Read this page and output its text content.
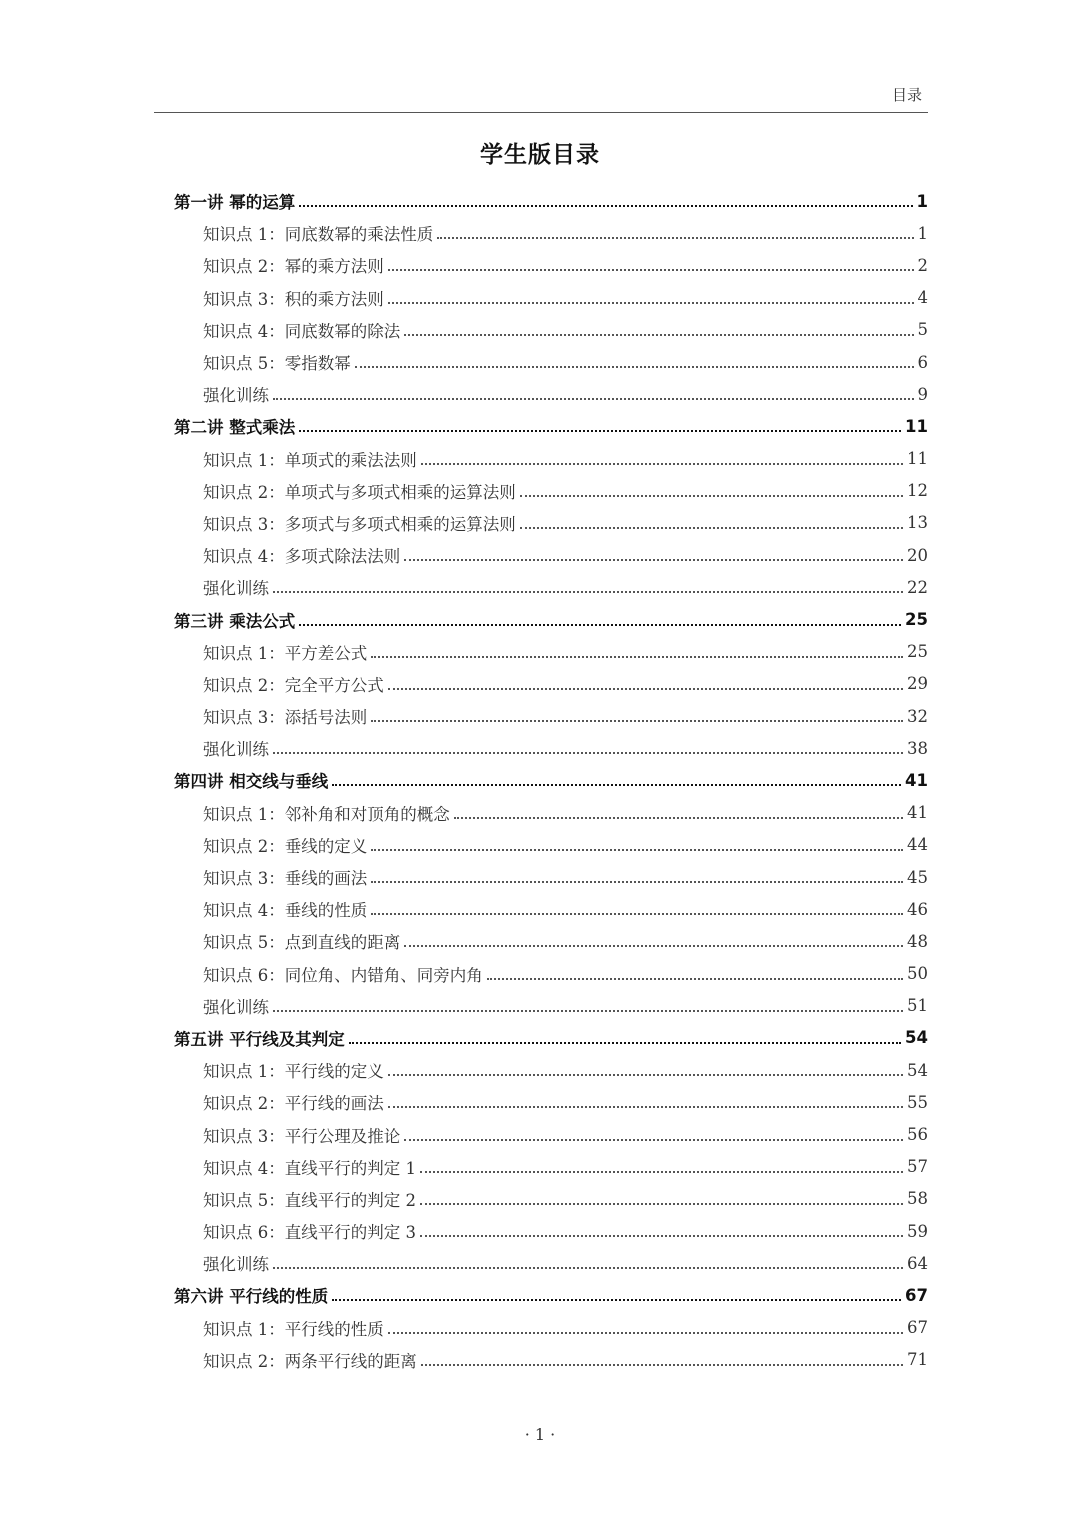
目录
学生版目录
第一讲 幂的运算	1
知识点 1：同底数幂的乘法性质	1
知识点 2：幂的乘方法则	2
知识点 3：积的乘方法则	4
知识点 4：同底数幂的除法	5
知识点 5：零指数幂	6
强化训练	9
第二讲 整式乘法	11
知识点 1：单项式的乘法法则	11
知识点 2：单项式与多项式相乘的运算法则	12
知识点 3：多项式与多项式相乘的运算法则	13
知识点 4：多项式除法法则	20
强化训练	22
第三讲 乘法公式	25
知识点 1：平方差公式	25
知识点 2：完全平方公式	29
知识点 3：添括号法则	32
强化训练	38
第四讲 相交线与垂线	41
知识点 1：邻补角和对顶角的概念	41
知识点 2：垂线的定义	44
知识点 3：垂线的画法	45
知识点 4：垂线的性质	46
知识点 5：点到直线的距离	48
知识点 6：同位角、内错角、同旁内角	50
强化训练	51
第五讲 平行线及其判定	54
知识点 1：平行线的定义	54
知识点 2：平行线的画法	55
知识点 3：平行公理及推论	56
知识点 4：直线平行的判定 1	57
知识点 5：直线平行的判定 2	58
知识点 6：直线平行的判定 3	59
强化训练	64
第六讲 平行线的性质	67
知识点 1：平行线的性质	67
知识点 2：两条平行线的距离	71
· 1 ·
